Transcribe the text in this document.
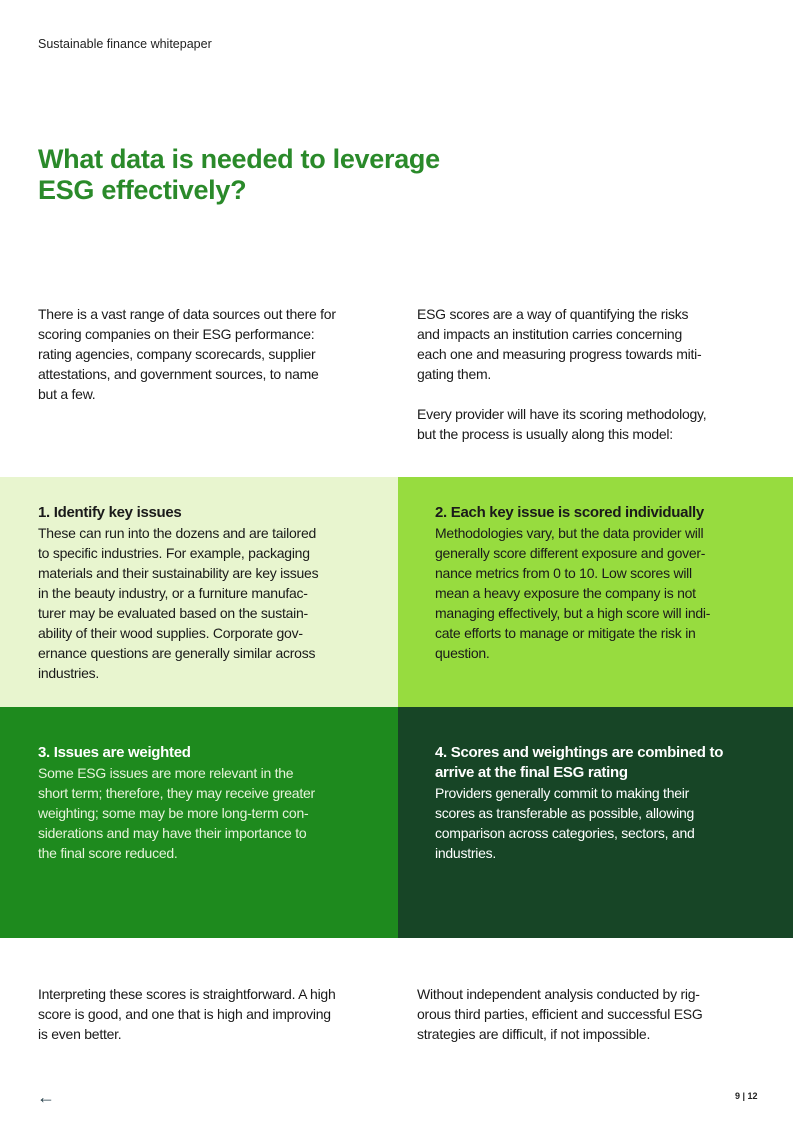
Sustainable finance whitepaper
What data is needed to leverage
ESG effectively?
There is a vast range of data sources out there for
scoring companies on their ESG performance:
rating agencies, company scorecards, supplier
attestations, and government sources, to name
but a few.
ESG scores are a way of quantifying the risks
and impacts an institution carries concerning
each one and measuring progress towards miti-
gating them.
Every provider will have its scoring methodology,
but the process is usually along this model:
1. Identify key issues
These can run into the dozens and are tailored
to specific industries. For example, packaging
materials and their sustainability are key issues
in the beauty industry, or a furniture manufac-
turer may be evaluated based on the sustain-
ability of their wood supplies. Corporate gov-
ernance questions are generally similar across
industries.
2. Each key issue is scored individually
Methodologies vary, but the data provider will
generally score different exposure and gover-
nance metrics from 0 to 10. Low scores will
mean a heavy exposure the company is not
managing effectively, but a high score will indi-
cate efforts to manage or mitigate the risk in
question.
3. Issues are weighted
Some ESG issues are more relevant in the
short term; therefore, they may receive greater
weighting; some may be more long-term con-
siderations and may have their importance to
the final score reduced.
4. Scores and weightings are combined to
arrive at the final ESG rating
Providers generally commit to making their
scores as transferable as possible, allowing
comparison across categories, sectors, and
industries.
Interpreting these scores is straightforward. A high
score is good, and one that is high and improving
is even better.
Without independent analysis conducted by rig-
orous third parties, efficient and successful ESG
strategies are difficult, if not impossible.
←	9 | 12
